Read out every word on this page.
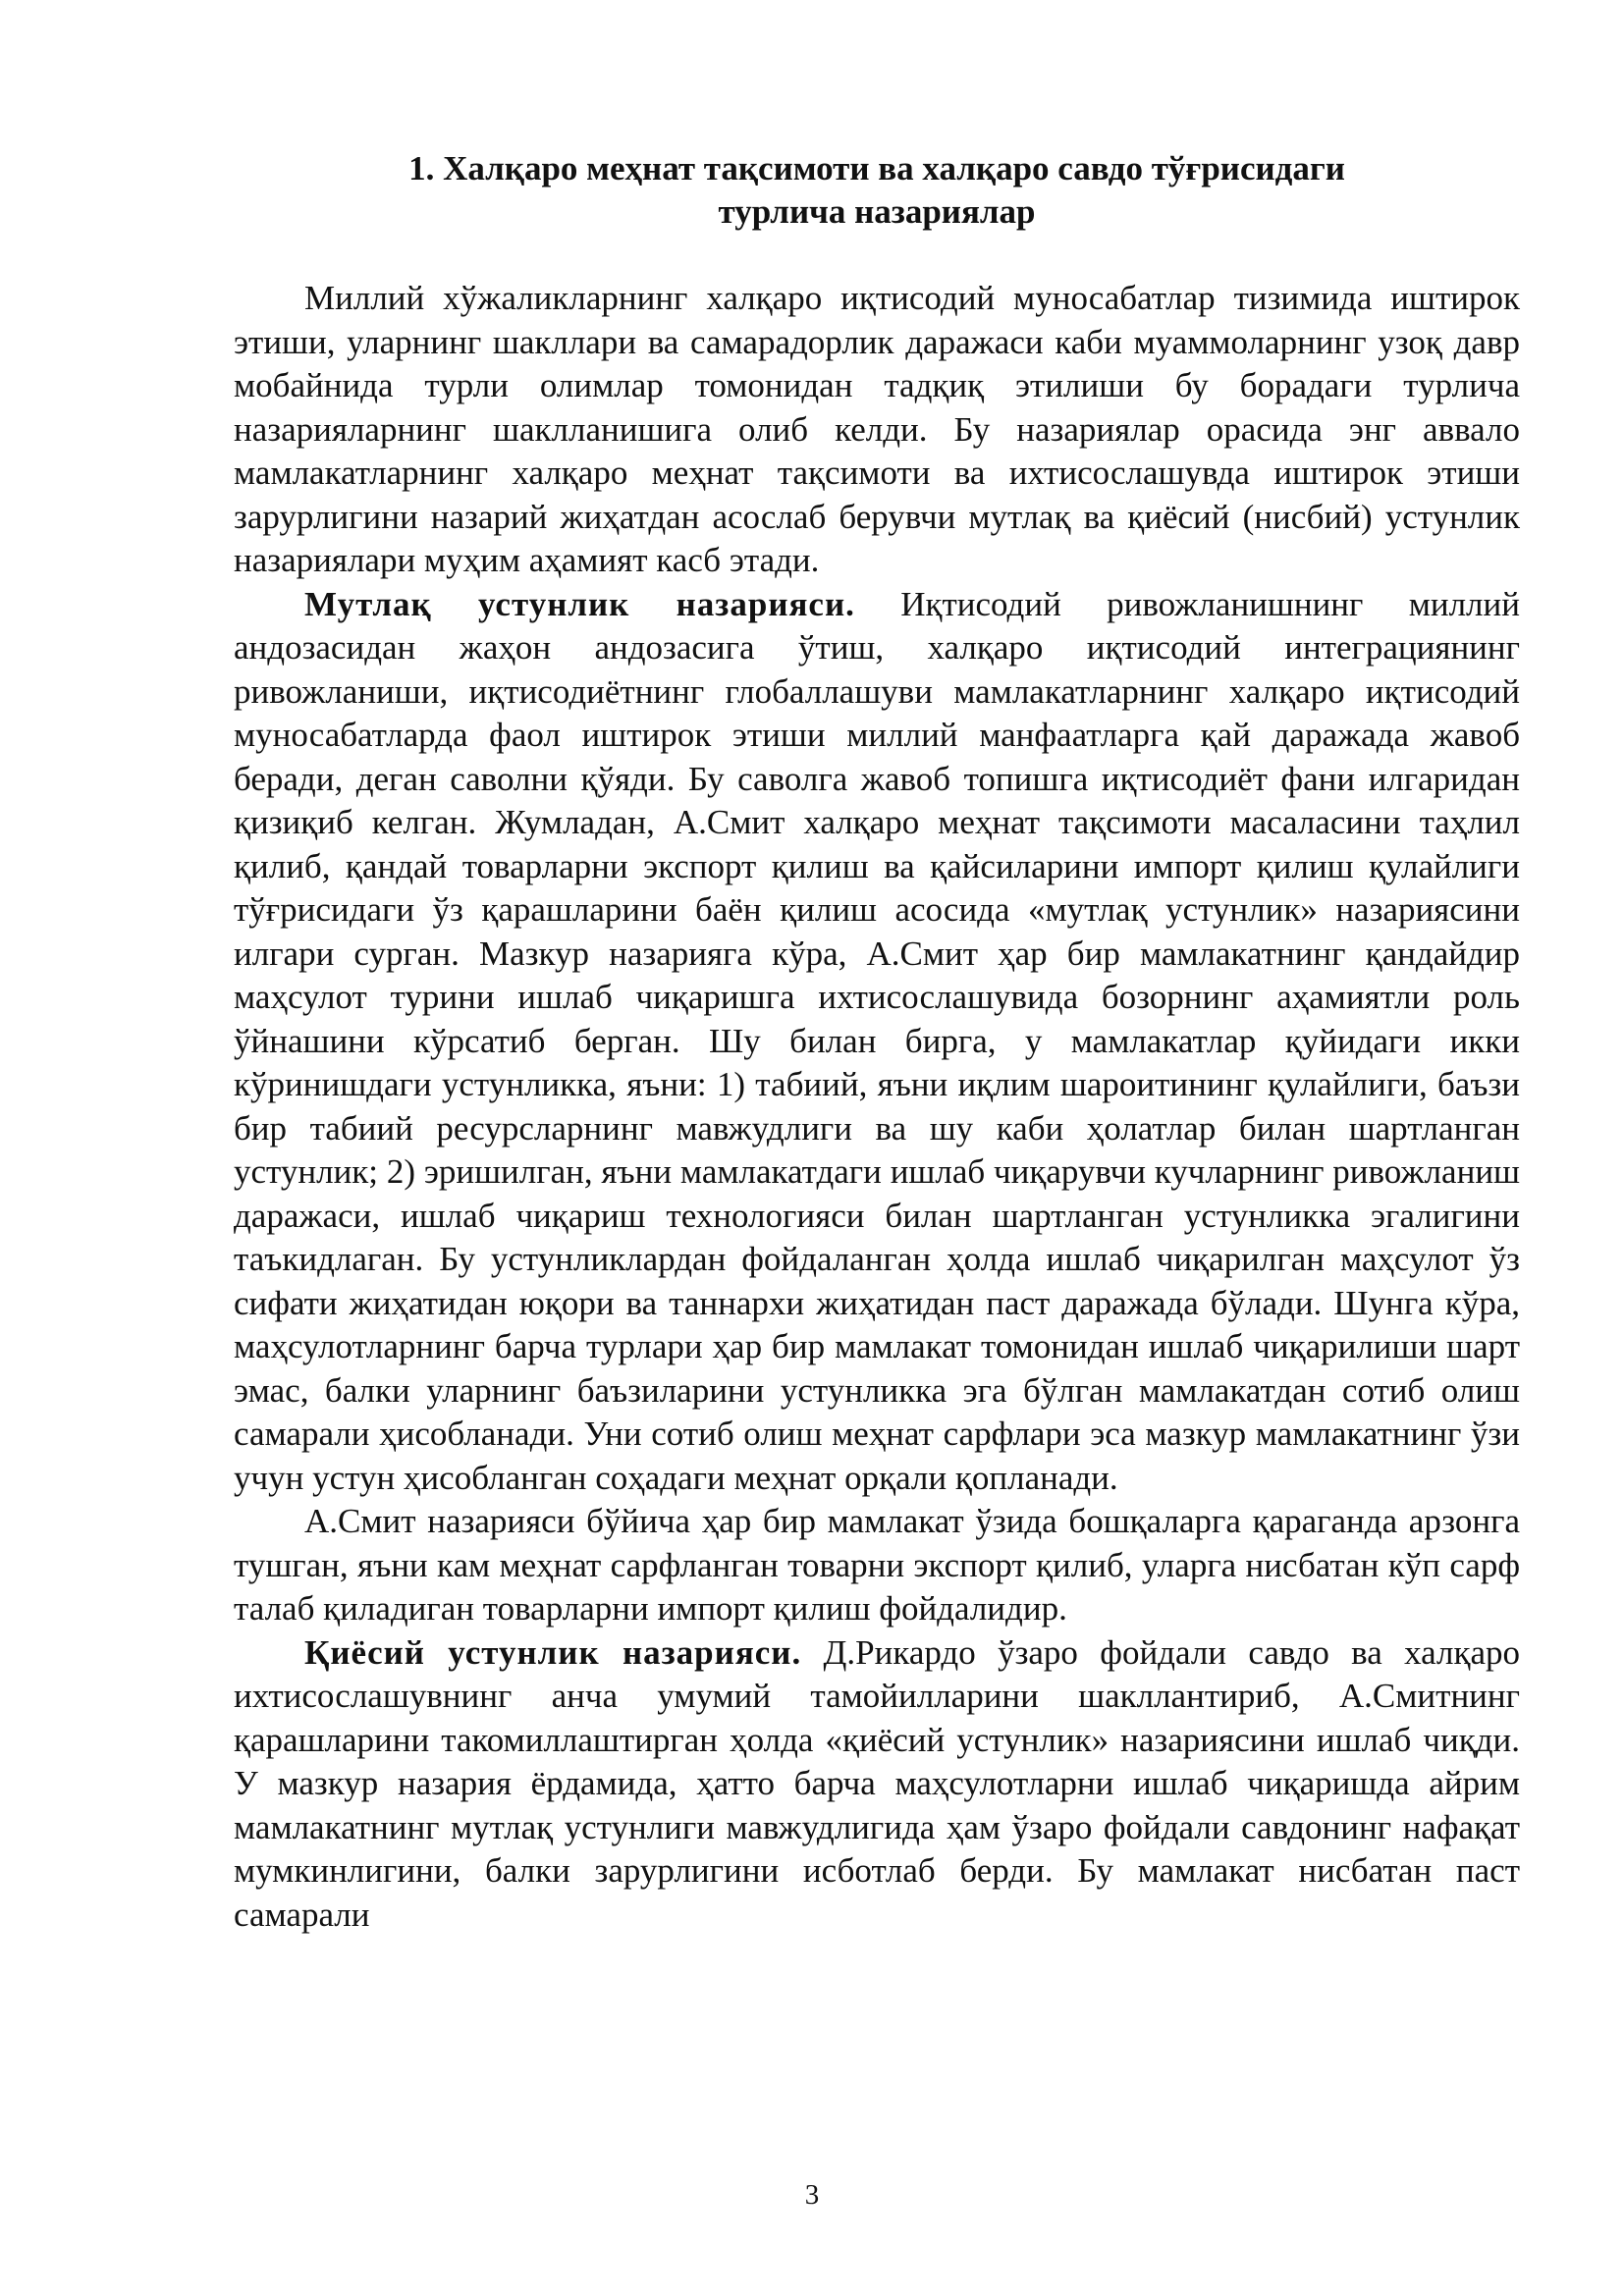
1. Халқаро меҳнат тақсимоти ва халқаро савдо тўғрисидаги
турлича назариялар

Миллий хўжаликларнинг халқаро иқтисодий муносабатлар тизимида иштирок этиши, уларнинг шакллари ва самарадорлик даражаси каби муаммоларнинг узоқ давр мобайнида турли олимлар томонидан тадқиқ этилиши бу борадаги турлича назарияларнинг шаклланишига олиб келди. Бу назариялар орасида энг аввало мамлакатларнинг халқаро меҳнат тақсимоти ва ихтисослашувда иштирок этиши зарурлигини назарий жиҳатдан асослаб берувчи мутлақ ва қиёсий (нисбий) устунлик назариялари муҳим аҳамият касб этади.

Мутлақ устунлик назарияси. Иқтисодий ривожланишнинг миллий андозасидан жаҳон андозасига ўтиш, халқаро иқтисодий интеграциянинг ривожланиши, иқтисодиётнинг глобаллашуви мамлакатларнинг халқаро иқтисодий муносабатларда фаол иштирок этиши миллий манфаатларга қай даражада жавоб беради, деган саволни қўяди. Бу саволга жавоб топишга иқтисодиёт фани илгаридан қизиқиб келган. Жумладан, А.Смит халқаро меҳнат тақсимоти масаласини таҳлил қилиб, қандай товарларни экспорт қилиш ва қайсиларини импорт қилиш қулайлиги тўғрисидаги ўз қарашларини баён қилиш асосида «мутлақ устунлик» назариясини илгари сурган. Мазкур назарияга кўра, А.Смит ҳар бир мамлакатнинг қандайдир маҳсулот турини ишлаб чиқаришга ихтисослашувида бозорнинг аҳамиятли роль ўйнашини кўрсатиб берган. Шу билан бирга, у мамлакатлар қуйидаги икки кўринишдаги устунликка, яъни: 1) табиий, яъни иқлим шароитининг қулайлиги, баъзи бир табиий ресурсларнинг мавжудлиги ва шу каби ҳолатлар билан шартланган устунлик; 2) эришилган, яъни мамлакатдаги ишлаб чиқарувчи кучларнинг ривожланиш даражаси, ишлаб чиқариш технологияси билан шартланган устунликка эгалигини таъкидлаган. Бу устунликлардан фойдаланган ҳолда ишлаб чиқарилган маҳсулот ўз сифати жиҳатидан юқори ва таннархи жиҳатидан паст даражада бўлади. Шунга кўра, маҳсулотларнинг барча турлари ҳар бир мамлакат томонидан ишлаб чиқарилиши шарт эмас, балки уларнинг баъзиларини устунликка эга бўлган мамлакатдан сотиб олиш самарали ҳисобланади. Уни сотиб олиш меҳнат сарфлари эса мазкур мамлакатнинг ўзи учун устун ҳисобланган соҳадаги меҳнат орқали қопланади.

А.Смит назарияси бўйича ҳар бир мамлакат ўзида бошқаларга қараганда арзонга тушган, яъни кам меҳнат сарфланган товарни экспорт қилиб, уларга нисбатан кўп сарф талаб қиладиган товарларни импорт қилиш фойдалидир.

Қиёсий устунлик назарияси. Д.Рикардо ўзаро фойдали савдо ва халқаро ихтисослашувнинг анча умумий тамойилларини шакллантириб, А.Смитнинг қарашларини такомиллаштирган ҳолда «қиёсий устунлик» назариясини ишлаб чиқди. У мазкур назария ёрдамида, ҳатто барча маҳсулотларни ишлаб чиқаришда айрим мамлакатнинг мутлақ устунлиги мавжудлигида ҳам ўзаро фойдали савдонинг нафақат мумкинлигини, балки зарурлигини исботлаб берди. Бу мамлакат нисбатан паст самарали

3
